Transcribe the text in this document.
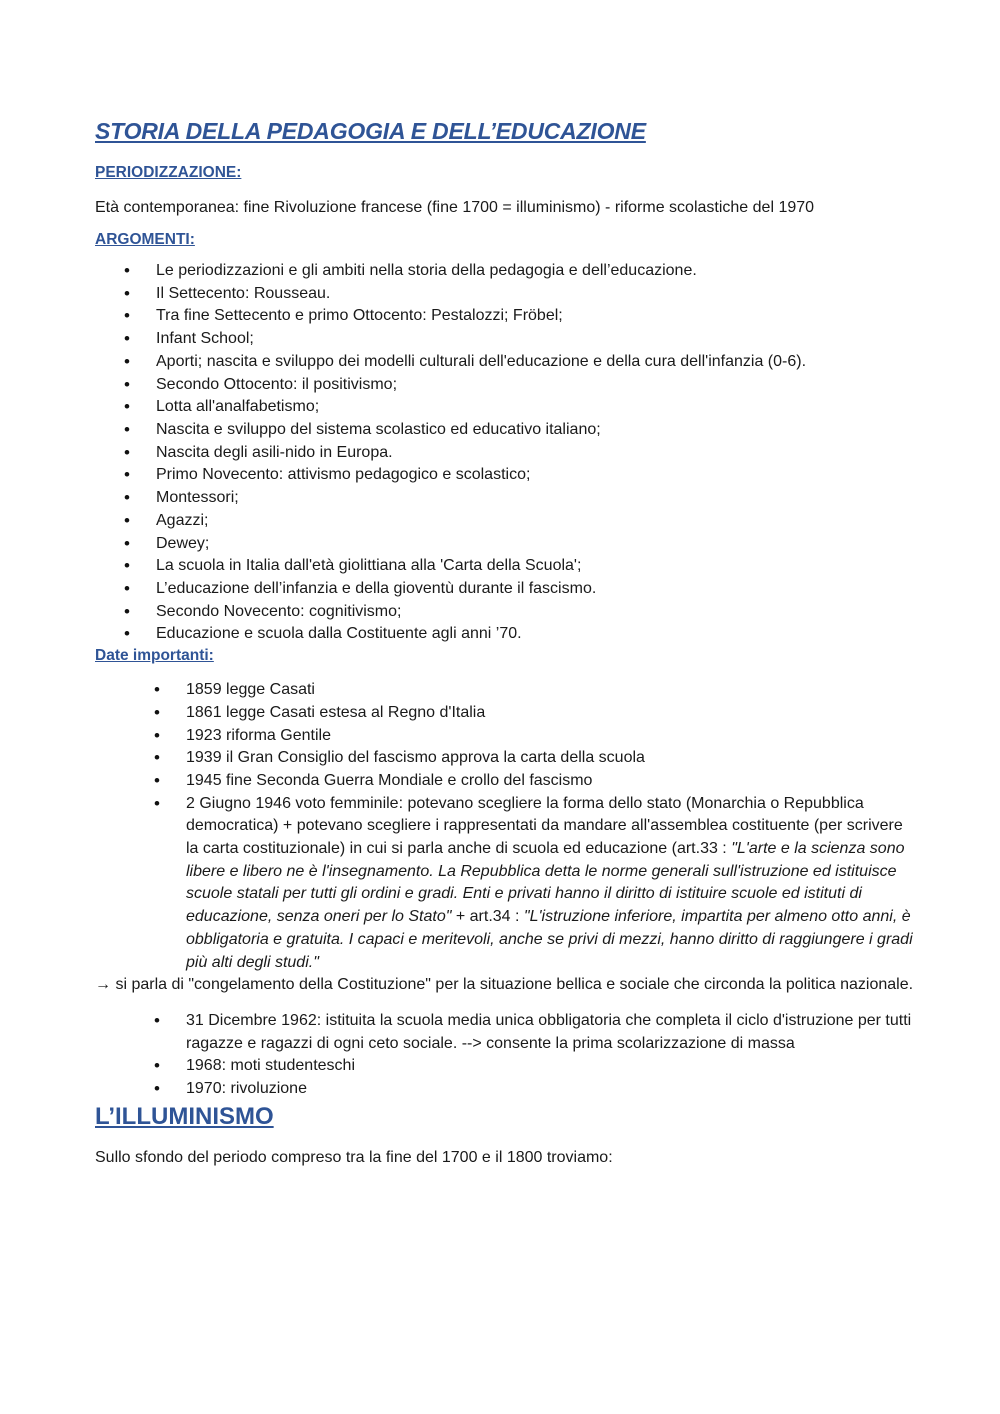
STORIA DELLA PEDAGOGIA E DELL’EDUCAZIONE

PERIODIZZAZIONE:

Età contemporanea: fine Rivoluzione francese (fine 1700 = illuminismo) - riforme scolastiche del 1970

ARGOMENTI:

• Le periodizzazioni e gli ambiti nella storia della pedagogia e dell’educazione.
• Il Settecento: Rousseau.
• Tra fine Settecento e primo Ottocento: Pestalozzi; Fröbel;
• Infant School;
• Aporti; nascita e sviluppo dei modelli culturali dell'educazione e della cura dell'infanzia (0-6).
• Secondo Ottocento: il positivismo;
• Lotta all'analfabetismo;
• Nascita e sviluppo del sistema scolastico ed educativo italiano;
• Nascita degli asili-nido in Europa.
• Primo Novecento: attivismo pedagogico e scolastico;
• Montessori;
• Agazzi;
• Dewey;
• La scuola in Italia dall'età giolittiana alla 'Carta della Scuola';
• L’educazione dell’infanzia e della gioventù durante il fascismo.
• Secondo Novecento: cognitivismo;
• Educazione e scuola dalla Costituente agli anni ’70.

Date importanti:

• 1859 legge Casati
• 1861 legge Casati estesa al Regno d'Italia
• 1923 riforma Gentile
• 1939 il Gran Consiglio del fascismo approva la carta della scuola
• 1945 fine Seconda Guerra Mondiale e crollo del fascismo
• 2 Giugno 1946 voto femminile: potevano scegliere la forma dello stato (Monarchia o Repubblica democratica) + potevano scegliere i rappresentati da mandare all'assemblea costituente (per scrivere la carta costituzionale) in cui si parla anche di scuola ed educazione (art.33 : "L'arte e la scienza sono libere e libero ne è l'insegnamento. La Repubblica detta le norme generali sull'istruzione ed istituisce scuole statali per tutti gli ordini e gradi. Enti e privati hanno il diritto di istituire scuole ed istituti di educazione, senza oneri per lo Stato" + art.34 : "L'istruzione inferiore, impartita per almeno otto anni, è obbligatoria e gratuita. I capaci e meritevoli, anche se privi di mezzi, hanno diritto di raggiungere i gradi più alti degli studi."

→ si parla di "congelamento della Costituzione" per la situazione bellica e sociale che circonda la politica nazionale.

• 31 Dicembre 1962: istituita la scuola media unica obbligatoria che completa il ciclo d'istruzione per tutti ragazze e ragazzi di ogni ceto sociale. --> consente la prima scolarizzazione di massa
• 1968: moti studenteschi
• 1970: rivoluzione
L’ILLUMINISMO

Sullo sfondo del periodo compreso tra la fine del 1700 e il 1800 troviamo:
